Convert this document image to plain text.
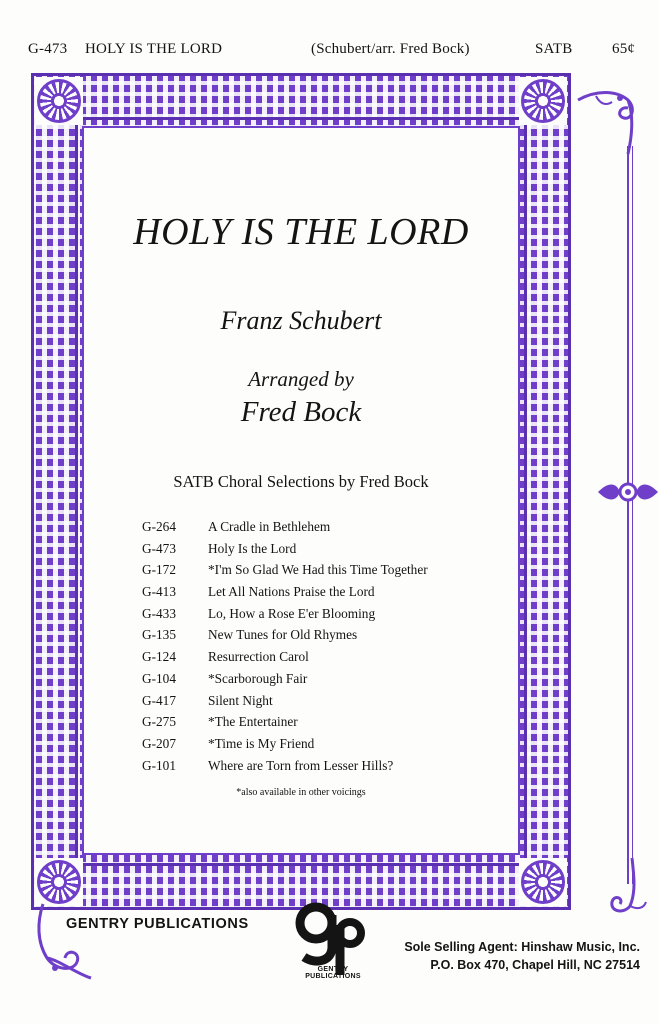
G-473 HOLY IS THE LORD	(Schubert/arr. Fred Bock)	SATB	65¢
HOLY IS THE LORD
Franz Schubert
Arranged by
Fred Bock
SATB Choral Selections by Fred Bock
G-264 A Cradle in Bethlehem
G-473 Holy Is the Lord
G-172 *I'm So Glad We Had this Time Together
G-413 Let All Nations Praise the Lord
G-433 Lo, How a Rose E'er Blooming
G-135 New Tunes for Old Rhymes
G-124 Resurrection Carol
G-104 *Scarborough Fair
G-417 Silent Night
G-275 *The Entertainer
G-207 *Time is My Friend
G-101 Where are Torn from Lesser Hills?
*also available in other voicings
GENTRY PUBLICATIONS
GENTRY PUBLICATIONS
Sole Selling Agent: Hinshaw Music, Inc.
P.O. Box 470, Chapel Hill, NC 27514
